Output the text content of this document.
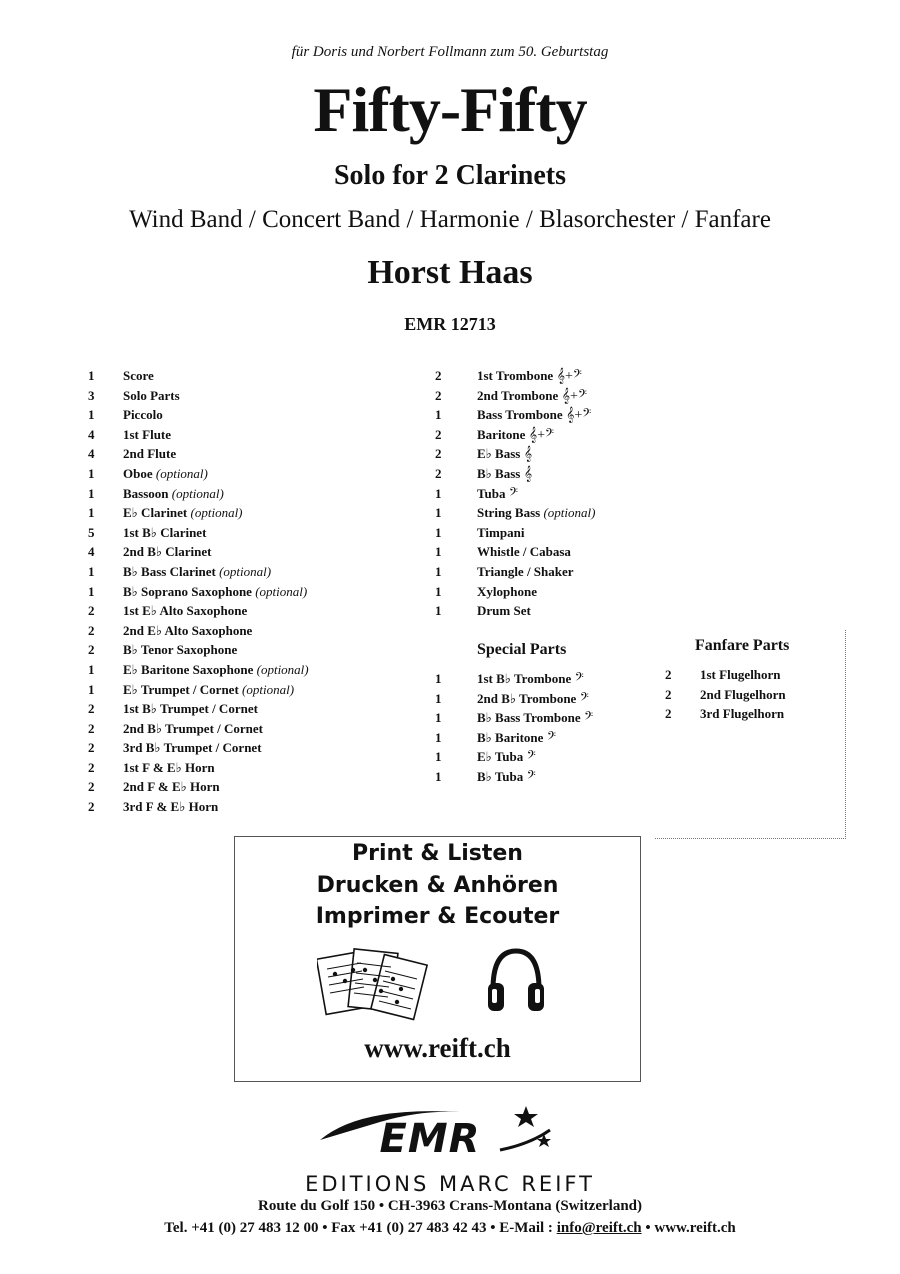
für Doris und Norbert Follmann zum 50. Geburtstag
Fifty-Fifty
Solo for 2 Clarinets
Wind Band / Concert Band / Harmonie / Blasorchester / Fanfare
Horst Haas
EMR 12713
1 Score
3 Solo Parts
1 Piccolo
4 1st Flute
4 2nd Flute
1 Oboe (optional)
1 Bassoon (optional)
1 E♭ Clarinet (optional)
5 1st B♭ Clarinet
4 2nd B♭ Clarinet
1 B♭ Bass Clarinet (optional)
1 B♭ Soprano Saxophone (optional)
2 1st E♭ Alto Saxophone
2 2nd E♭ Alto Saxophone
2 B♭ Tenor Saxophone
1 E♭ Baritone Saxophone (optional)
1 E♭ Trumpet / Cornet (optional)
2 1st B♭ Trumpet / Cornet
2 2nd B♭ Trumpet / Cornet
2 3rd B♭ Trumpet / Cornet
2 1st F & E♭ Horn
2 2nd F & E♭ Horn
2 3rd F & E♭ Horn
2	1st Trombone 𝄞+𝄢
2	2nd Trombone 𝄞+𝄢
1	Bass Trombone 𝄞+𝄢
2	Baritone 𝄞+𝄢
2	E♭ Bass 𝄞
2	B♭ Bass 𝄞
1	Tuba 𝄢
1	String Bass (optional)
1	Timpani
1	Whistle / Cabasa
1	Triangle / Shaker
1	Xylophone
1	Drum Set
Special Parts
1	1st B♭ Trombone 𝄢
1	2nd B♭ Trombone 𝄢
1	B♭ Bass Trombone 𝄢
1	B♭ Baritone 𝄢
1	E♭ Tuba 𝄢
1	B♭ Tuba 𝄢
Fanfare Parts
2 1st Flugelhorn
2 2nd Flugelhorn
2 3rd Flugelhorn
Print & Listen
Drucken & Anhören
Imprimer & Ecouter
www.reift.ch
EMR
EDITIONS MARC REIFT
Route du Golf 150 • CH-3963 Crans-Montana (Switzerland)
Tel. +41 (0) 27 483 12 00 • Fax +41 (0) 27 483 42 43 • E-Mail : info@reift.ch • www.reift.ch
